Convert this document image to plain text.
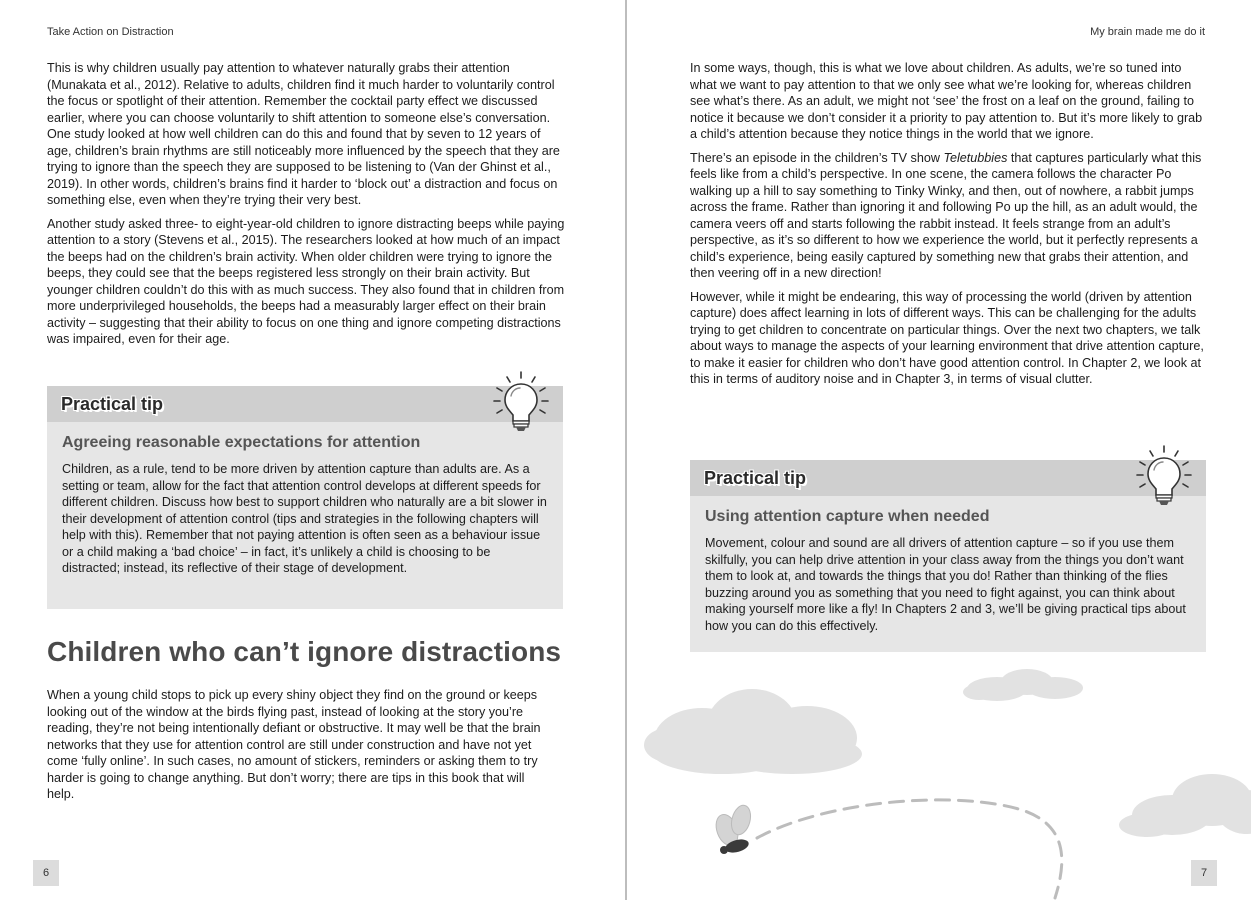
Take Action on Distraction

This is why children usually pay attention to whatever naturally grabs their attention (Munakata et al., 2012). Relative to adults, children find it much harder to voluntarily control the focus or spotlight of their attention. Remember the cocktail party effect we discussed earlier, where you can choose voluntarily to shift attention to someone else’s conversation. One study looked at how well children can do this and found that by seven to 12 years of age, children’s brain rhythms are still noticeably more influenced by the speech that they are trying to ignore than the speech they are supposed to be listening to (Van der Ghinst et al., 2019). In other words, children’s brains find it harder to ‘block out’ a distraction and focus on something else, even when they’re trying their very best.

Another study asked three- to eight-year-old children to ignore distracting beeps while paying attention to a story (Stevens et al., 2015). The researchers looked at how much of an impact the beeps had on the children’s brain activity. When older children were trying to ignore the beeps, they could see that the beeps registered less strongly on their brain activity. But younger children couldn’t do this with as much success. They also found that in children from more underprivileged households, the beeps had a measurably larger effect on their brain activity – suggesting that their ability to focus on one thing and ignore competing distractions was impaired, even for their age.

Practical tip
Agreeing reasonable expectations for attention

Children, as a rule, tend to be more driven by attention capture than adults are. As a setting or team, allow for the fact that attention control develops at different speeds for different children. Discuss how best to support children who naturally are a bit slower in their development of attention control (tips and strategies in the following chapters will help with this). Remember that not paying attention is often seen as a behaviour issue or a child making a ‘bad choice’ – in fact, it’s unlikely a child is choosing to be distracted; instead, its reflective of their stage of development.

Children who can’t ignore distractions

When a young child stops to pick up every shiny object they find on the ground or keeps looking out of the window at the birds flying past, instead of looking at the story you’re reading, they’re not being intentionally defiant or obstructive. It may well be that the brain networks that they use for attention control are still under construction and have not yet come ‘fully online’. In such cases, no amount of stickers, reminders or asking them to try harder is going to change anything. But don’t worry; there are tips in this book that will help.

6
My brain made me do it

In some ways, though, this is what we love about children. As adults, we’re so tuned into what we want to pay attention to that we only see what we’re looking for, whereas children see what’s there. As an adult, we might not ‘see’ the frost on a leaf on the ground, failing to notice it because we don’t consider it a priority to pay attention to. But it’s more likely to grab a child’s attention because they notice things in the world that we ignore.

There’s an episode in the children’s TV show Teletubbies that captures particularly what this feels like from a child’s perspective. In one scene, the camera follows the character Po walking up a hill to say something to Tinky Winky, and then, out of nowhere, a rabbit jumps across the frame. Rather than ignoring it and following Po up the hill, as an adult would, the camera veers off and starts following the rabbit instead. It feels strange from an adult’s perspective, as it’s so different to how we experience the world, but it perfectly represents a child’s experience, being easily captured by something new that grabs their attention, and then veering off in a new direction!

However, while it might be endearing, this way of processing the world (driven by attention capture) does affect learning in lots of different ways. This can be challenging for the adults trying to get children to concentrate on particular things. Over the next two chapters, we talk about ways to manage the aspects of your learning environment that drive attention capture, to make it easier for children who don’t have good attention control. In Chapter 2, we look at this in terms of auditory noise and in Chapter 3, in terms of visual clutter.

Practical tip
Using attention capture when needed

Movement, colour and sound are all drivers of attention capture – so if you use them skilfully, you can help drive attention in your class away from the things you don’t want them to look at, and towards the things that you do! Rather than thinking of the flies buzzing around you as something that you need to fight against, you can think about making yourself more like a fly! In Chapters 2 and 3, we’ll be giving practical tips about how you can do this effectively.

7
